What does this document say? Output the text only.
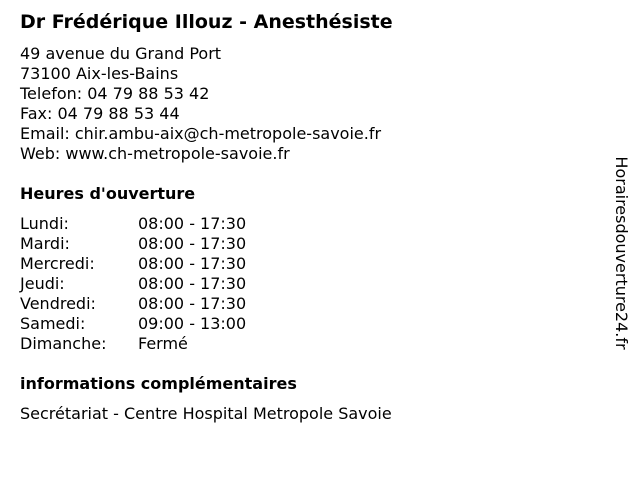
Dr Frédérique Illouz - Anesthésiste
49 avenue du Grand Port
73100 Aix-les-Bains
Telefon: 04 79 88 53 42
Fax: 04 79 88 53 44
Email: chir.ambu-aix@ch-metropole-savoie.fr
Web: www.ch-metropole-savoie.fr
Heures d'ouverture
Lundi:	08:00 - 17:30
Mardi:	08:00 - 17:30
Mercredi:	08:00 - 17:30
Jeudi:	08:00 - 17:30
Vendredi:	08:00 - 17:30
Samedi:	09:00 - 13:00
Dimanche: Fermé
informations complémentaires
Secrétariat - Centre Hospital Metropole Savoie
Horairesdouverture24.fr
